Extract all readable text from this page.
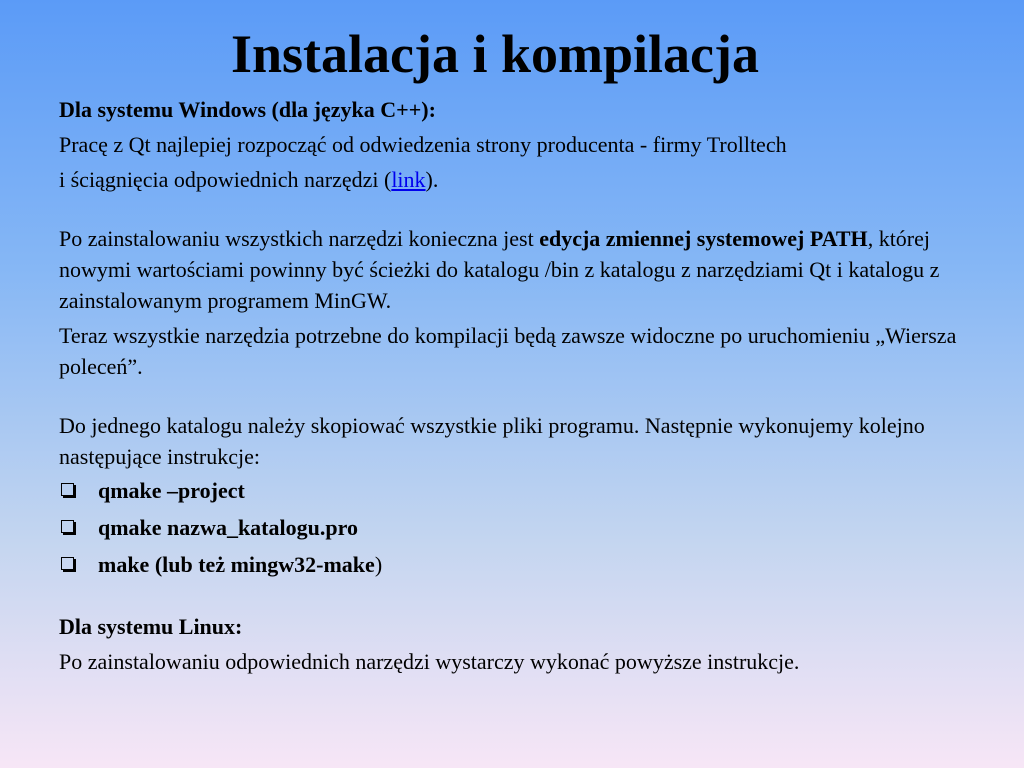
Instalacja i kompilacja

Dla systemu Windows (dla języka C++):

Pracę z Qt najlepiej rozpocząć od odwiedzenia strony producenta - firmy Trolltech

i ściągnięcia odpowiednich narzędzi (link).

Po zainstalowaniu wszystkich narzędzi konieczna jest edycja zmiennej systemowej PATH, której nowymi wartościami powinny być ścieżki do katalogu /bin z katalogu z narzędziami Qt i katalogu z zainstalowanym programem MinGW.

Teraz wszystkie narzędzia potrzebne do kompilacji będą zawsze widoczne po uruchomieniu „Wiersza poleceń”.

Do jednego katalogu należy skopiować wszystkie pliki programu. Następnie wykonujemy kolejno następujące instrukcje:

qmake –project
qmake nazwa_katalogu.pro
make (lub też mingw32-make )

Dla systemu Linux:

Po zainstalowaniu odpowiednich narzędzi wystarczy wykonać powyższe instrukcje.
